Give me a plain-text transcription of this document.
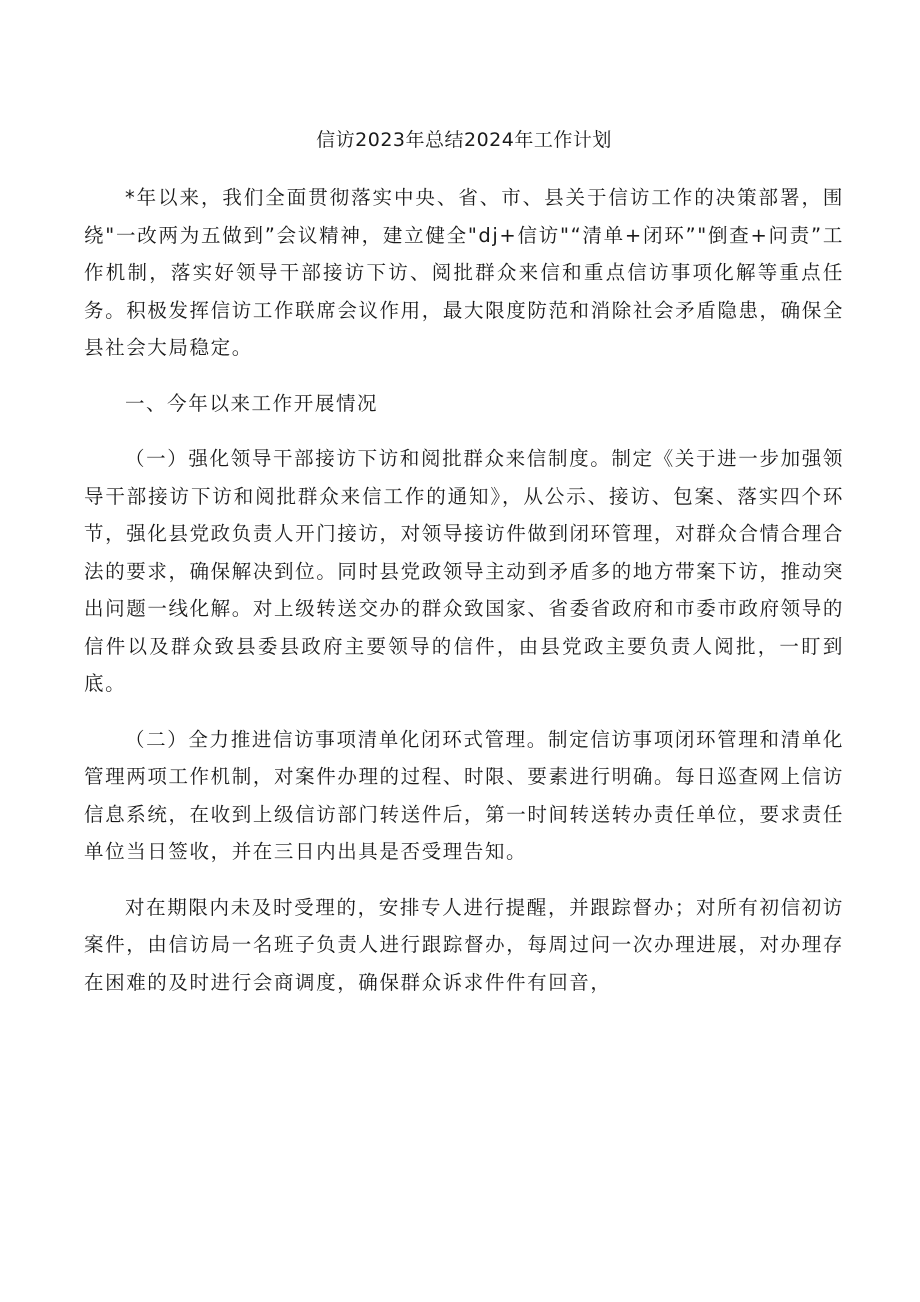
信访2023年总结2024年工作计划

*年以来，我们全面贯彻落实中央、省、市、县关于信访工作的决策部署，围绕"一改两为五做到”会议精神，建立健全"dj+信访"“清单+闭环”"倒查+问责”工作机制，落实好领导干部接访下访、阅批群众来信和重点信访事项化解等重点任务。积极发挥信访工作联席会议作用，最大限度防范和消除社会矛盾隐患，确保全县社会大局稳定。

一、今年以来工作开展情况

（一）强化领导干部接访下访和阅批群众来信制度。制定《关于进一步加强领导干部接访下访和阅批群众来信工作的通知》，从公示、接访、包案、落实四个环节，强化县党政负责人开门接访，对领导接访件做到闭环管理，对群众合情合理合法的要求，确保解决到位。同时县党政领导主动到矛盾多的地方带案下访，推动突出问题一线化解。对上级转送交办的群众致国家、省委省政府和市委市政府领导的信件以及群众致县委县政府主要领导的信件，由县党政主要负责人阅批，一盯到底。

（二）全力推进信访事项清单化闭环式管理。制定信访事项闭环管理和清单化管理两项工作机制，对案件办理的过程、时限、要素进行明确。每日巡查网上信访信息系统，在收到上级信访部门转送件后，第一时间转送转办责任单位，要求责任单位当日签收，并在三日内出具是否受理告知。

对在期限内未及时受理的，安排专人进行提醒，并跟踪督办；对所有初信初访案件，由信访局一名班子负责人进行跟踪督办，每周过问一次办理进展，对办理存在困难的及时进行会商调度，确保群众诉求件件有回音，
